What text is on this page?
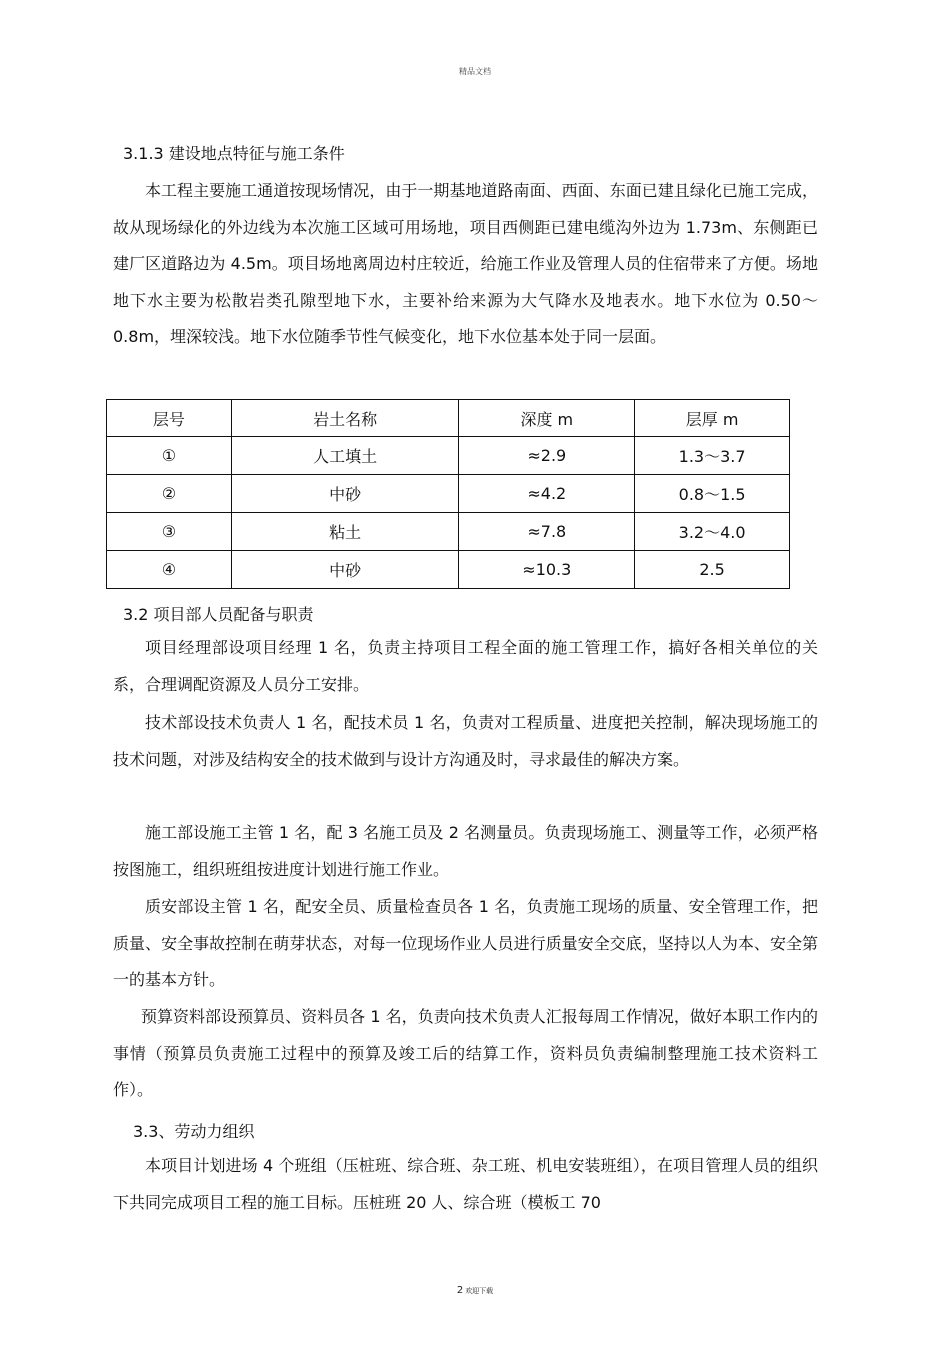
精品文档
3.1.3 建设地点特征与施工条件

本工程主要施工通道按现场情况，由于一期基地道路南面、西面、东面已建且绿化已施工完成，故从现场绿化的外边线为本次施工区域可用场地，项目西侧距已建电缆沟外边为 1.73m、东侧距已建厂区道路边为 4.5m。项目场地离周边村庄较近，给施工作业及管理人员的住宿带来了方便。场地地下水主要为松散岩类孔隙型地下水，主要补给来源为大气降水及地表水。地下水位为 0.50～0.8m，埋深较浅。地下水位随季节性气候变化，地下水位基本处于同一层面。

层号	岩土名称	深度 m	层厚 m
①	人工填土	≈2.9	1.3～3.7
②	中砂	≈4.2	0.8～1.5
③	粘土	≈7.8	3.2～4.0
④	中砂	≈10.3	2.5
3.2 项目部人员配备与职责

项目经理部设项目经理 1 名，负责主持项目工程全面的施工管理工作，搞好各相关单位的关系，合理调配资源及人员分工安排。

技术部设技术负责人 1 名，配技术员 1 名，负责对工程质量、进度把关控制，解决现场施工的技术问题，对涉及结构安全的技术做到与设计方沟通及时，寻求最佳的解决方案。

施工部设施工主管 1 名，配 3 名施工员及 2 名测量员。负责现场施工、测量等工作，必须严格按图施工，组织班组按进度计划进行施工作业。

质安部设主管 1 名，配安全员、质量检查员各 1 名，负责施工现场的质量、安全管理工作，把质量、安全事故控制在萌芽状态，对每一位现场作业人员进行质量安全交底，坚持以人为本、安全第一的基本方针。

预算资料部设预算员、资料员各 1 名，负责向技术负责人汇报每周工作情况，做好本职工作内的事情（预算员负责施工过程中的预算及竣工后的结算工作，资料员负责编制整理施工技术资料工作）。

3.3、劳动力组织

本项目计划进场 4 个班组（压桩班、综合班、杂工班、机电安装班组），在项目管理人员的组织下共同完成项目工程的施工目标。压桩班 20 人、综合班（模板工 70

2 欢迎下载
